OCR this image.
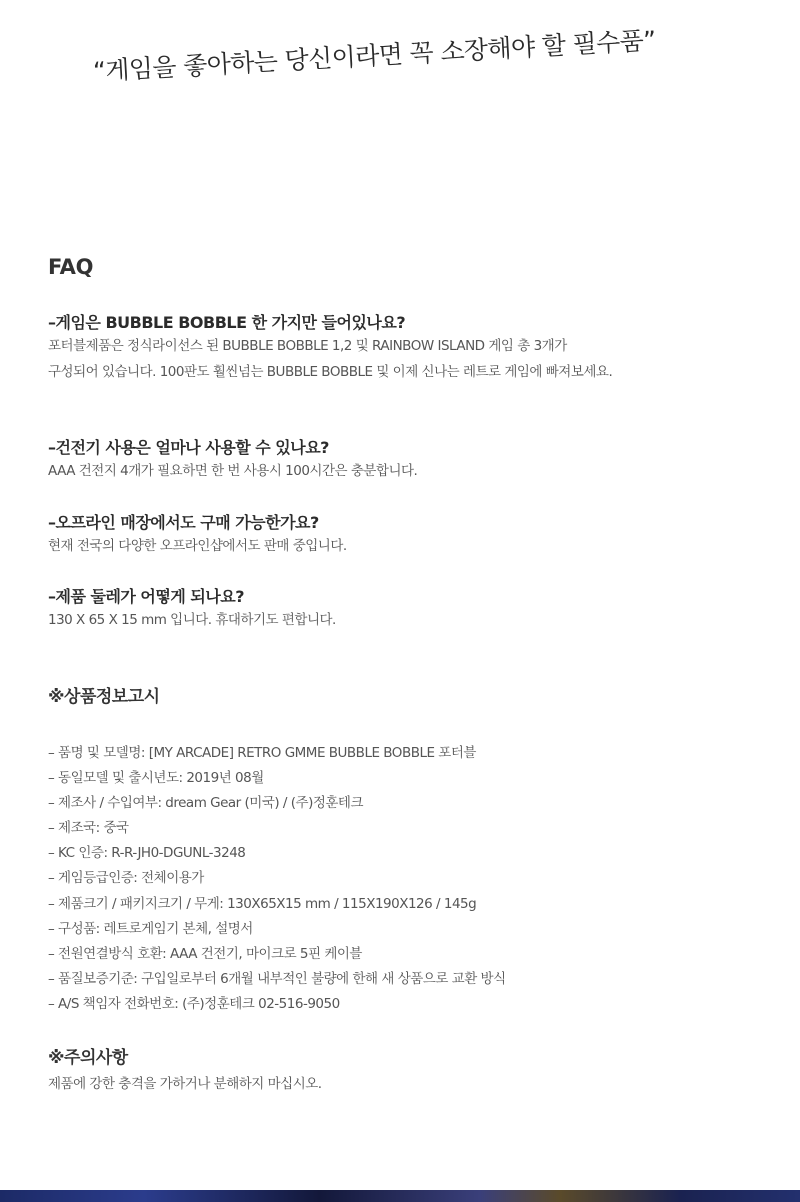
“게임을 좋아하는 당신이라면 꼭 소장해야 할 필수품”
FAQ
–게임은 BUBBLE BOBBLE 한 가지만 들어있나요?
포터블제품은 정식라이선스 된 BUBBLE BOBBLE 1,2 및 RAINBOW ISLAND 게임 총 3개가
구성되어 있습니다. 100판도 훨씬넘는 BUBBLE BOBBLE 및 이제 신나는 레트로 게임에 빠져보세요.
–건전기 사용은 얼마나 사용할 수 있나요?
AAA 건전지 4개가 필요하면 한 번 사용시 100시간은 충분합니다.
–오프라인 매장에서도 구매 가능한가요?
현재 전국의 다양한 오프라인샵에서도 판매 중입니다.
–제품 둘레가 어떻게 되나요?
130 X 65 X 15 mm 입니다. 휴대하기도 편합니다.
※상품정보고시
– 품명 및 모델명: [MY ARCADE] RETRO GMME BUBBLE BOBBLE 포터블
– 동일모델 및 출시년도: 2019년 08월
– 제조사 / 수입여부: dream Gear (미국) / (주)정훈테크
– 제조국: 중국
– KC 인증: R-R-JH0-DGUNL-3248
– 게임등급인증: 전체이용가
– 제품크기 / 패키지크기 / 무게: 130X65X15 mm / 115X190X126 / 145g
– 구성품: 레트로게임기 본체, 설명서
– 전원연결방식 호환: AAA 건전기, 마이크로 5핀 케이블
– 품질보증기준: 구입일로부터 6개월 내부적인 불량에 한해 새 상품으로 교환 방식
– A/S 책임자 전화번호: (주)정훈테크 02-516-9050
※주의사항
제품에 강한 충격을 가하거나 분해하지 마십시오.
